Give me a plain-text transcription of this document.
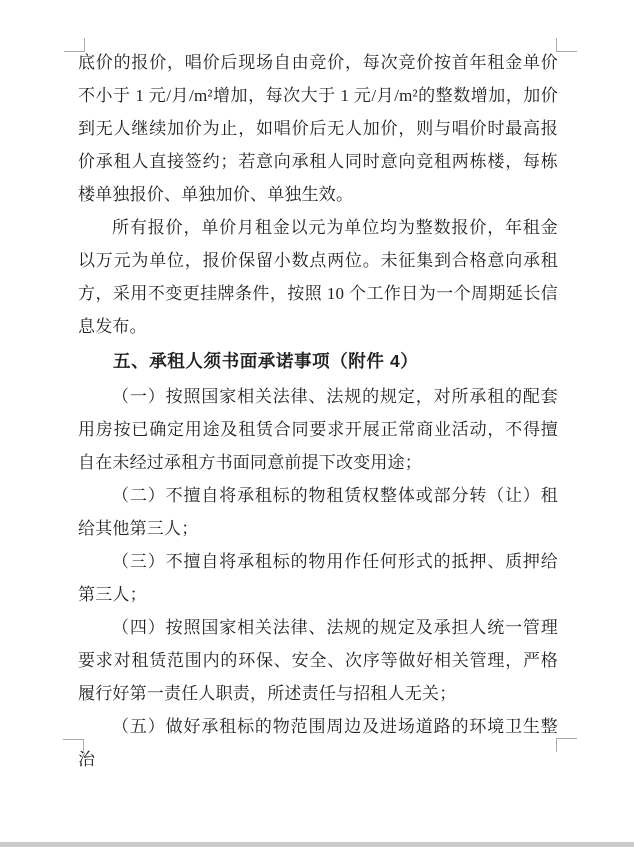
底价的报价，唱价后现场自由竞价，每次竞价按首年租金单价不小于 1 元/月/m²增加，每次大于 1 元/月/m²的整数增加，加价到无人继续加价为止，如唱价后无人加价，则与唱价时最高报价承租人直接签约；若意向承租人同时意向竞租两栋楼，每栋楼单独报价、单独加价、单独生效。

所有报价，单价月租金以元为单位均为整数报价，年租金以万元为单位，报价保留小数点两位。未征集到合格意向承租方，采用不变更挂牌条件，按照 10 个工作日为一个周期延长信息发布。

五、承租人须书面承诺事项（附件 4）

（一）按照国家相关法律、法规的规定，对所承租的配套用房按已确定用途及租赁合同要求开展正常商业活动，不得擅自在未经过承租方书面同意前提下改变用途；

（二）不擅自将承租标的物租赁权整体或部分转（让）租给其他第三人；

（三）不擅自将承租标的物用作任何形式的抵押、质押给第三人；

（四）按照国家相关法律、法规的规定及承担人统一管理要求对租赁范围内的环保、安全、次序等做好相关管理，严格履行好第一责任人职责，所述责任与招租人无关；

（五）做好承租标的物范围周边及进场道路的环境卫生整治
